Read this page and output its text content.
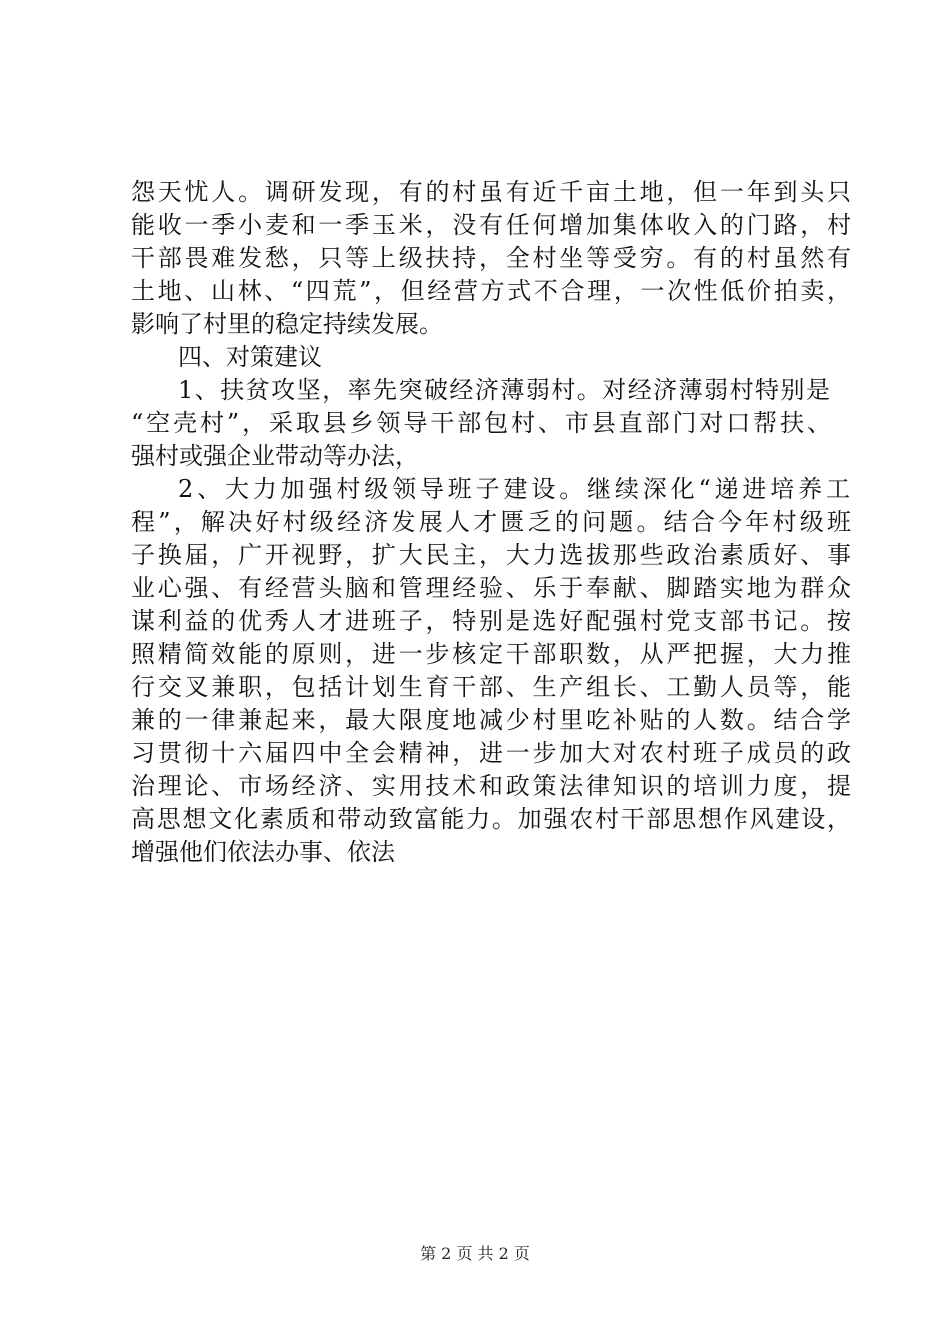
怨天忧人。调研发现，有的村虽有近千亩土地，但一年到头只
能收一季小麦和一季玉米，没有任何增加集体收入的门路，村
干部畏难发愁，只等上级扶持，全村坐等受穷。有的村虽然有
土地、山林、“四荒”，但经营方式不合理，一次性低价拍卖，
影响了村里的稳定持续发展。
四、对策建议
1、扶贫攻坚，率先突破经济薄弱村。对经济薄弱村特别是
“空壳村”，采取县乡领导干部包村、市县直部门对口帮扶、
强村或强企业带动等办法，
2、大力加强村级领导班子建设。继续深化“递进培养工
程”，解决好村级经济发展人才匮乏的问题。结合今年村级班
子换届，广开视野，扩大民主，大力选拔那些政治素质好、事
业心强、有经营头脑和管理经验、乐于奉献、脚踏实地为群众
谋利益的优秀人才进班子，特别是选好配强村党支部书记。按
照精简效能的原则，进一步核定干部职数，从严把握，大力推
行交叉兼职，包括计划生育干部、生产组长、工勤人员等，能
兼的一律兼起来，最大限度地减少村里吃补贴的人数。结合学
习贯彻十六届四中全会精神，进一步加大对农村班子成员的政
治理论、市场经济、实用技术和政策法律知识的培训力度，提
高思想文化素质和带动致富能力。加强农村干部思想作风建设，
增强他们依法办事、依法
第 2 页 共 2 页
